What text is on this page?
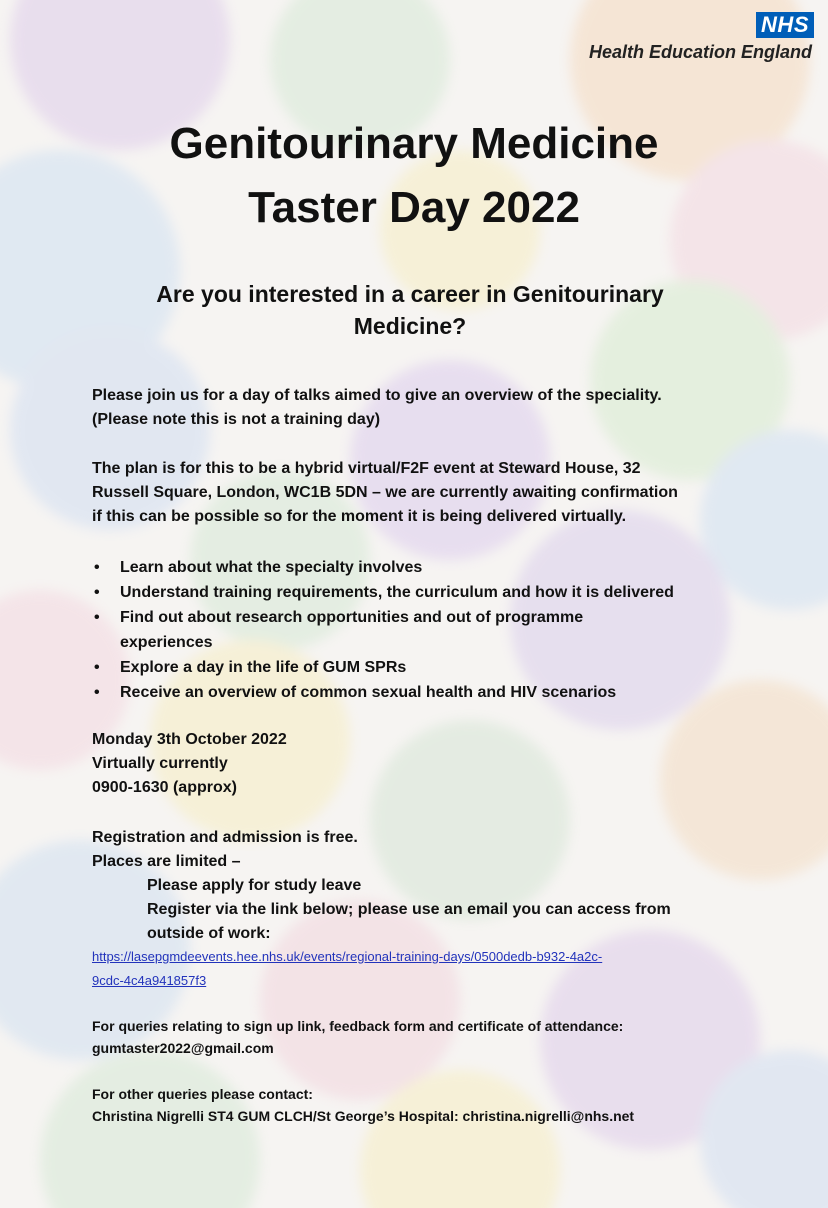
NHS
Health Education England
Genitourinary Medicine
Taster Day 2022
Are you interested in a career in Genitourinary
Medicine?
Please join us for a day of talks aimed to give an overview of the speciality.
(Please note this is not a training day)
The plan is for this to be a hybrid virtual/F2F event at Steward House, 32
Russell Square, London, WC1B 5DN – we are currently awaiting confirmation
if this can be possible so for the moment it is being delivered virtually.
• Learn about what the specialty involves
• Understand training requirements, the curriculum and how it is delivered
• Find out about research opportunities and out of programme
experiences
• Explore a day in the life of GUM SPRs
• Receive an overview of common sexual health and HIV scenarios
Monday 3th October 2022
Virtually currently
0900-1630 (approx)
Registration and admission is free.
Places are limited –
Please apply for study leave
Register via the link below; please use an email you can access from
outside of work:
https://lasepgmdeevents.hee.nhs.uk/events/regional-training-days/0500dedb-b932-4a2c-
9cdc-4c4a941857f3
For queries relating to sign up link, feedback form and certificate of attendance:
gumtaster2022@gmail.com
For other queries please contact:
Christina Nigrelli ST4 GUM CLCH/St George’s Hospital: christina.nigrelli@nhs.net
